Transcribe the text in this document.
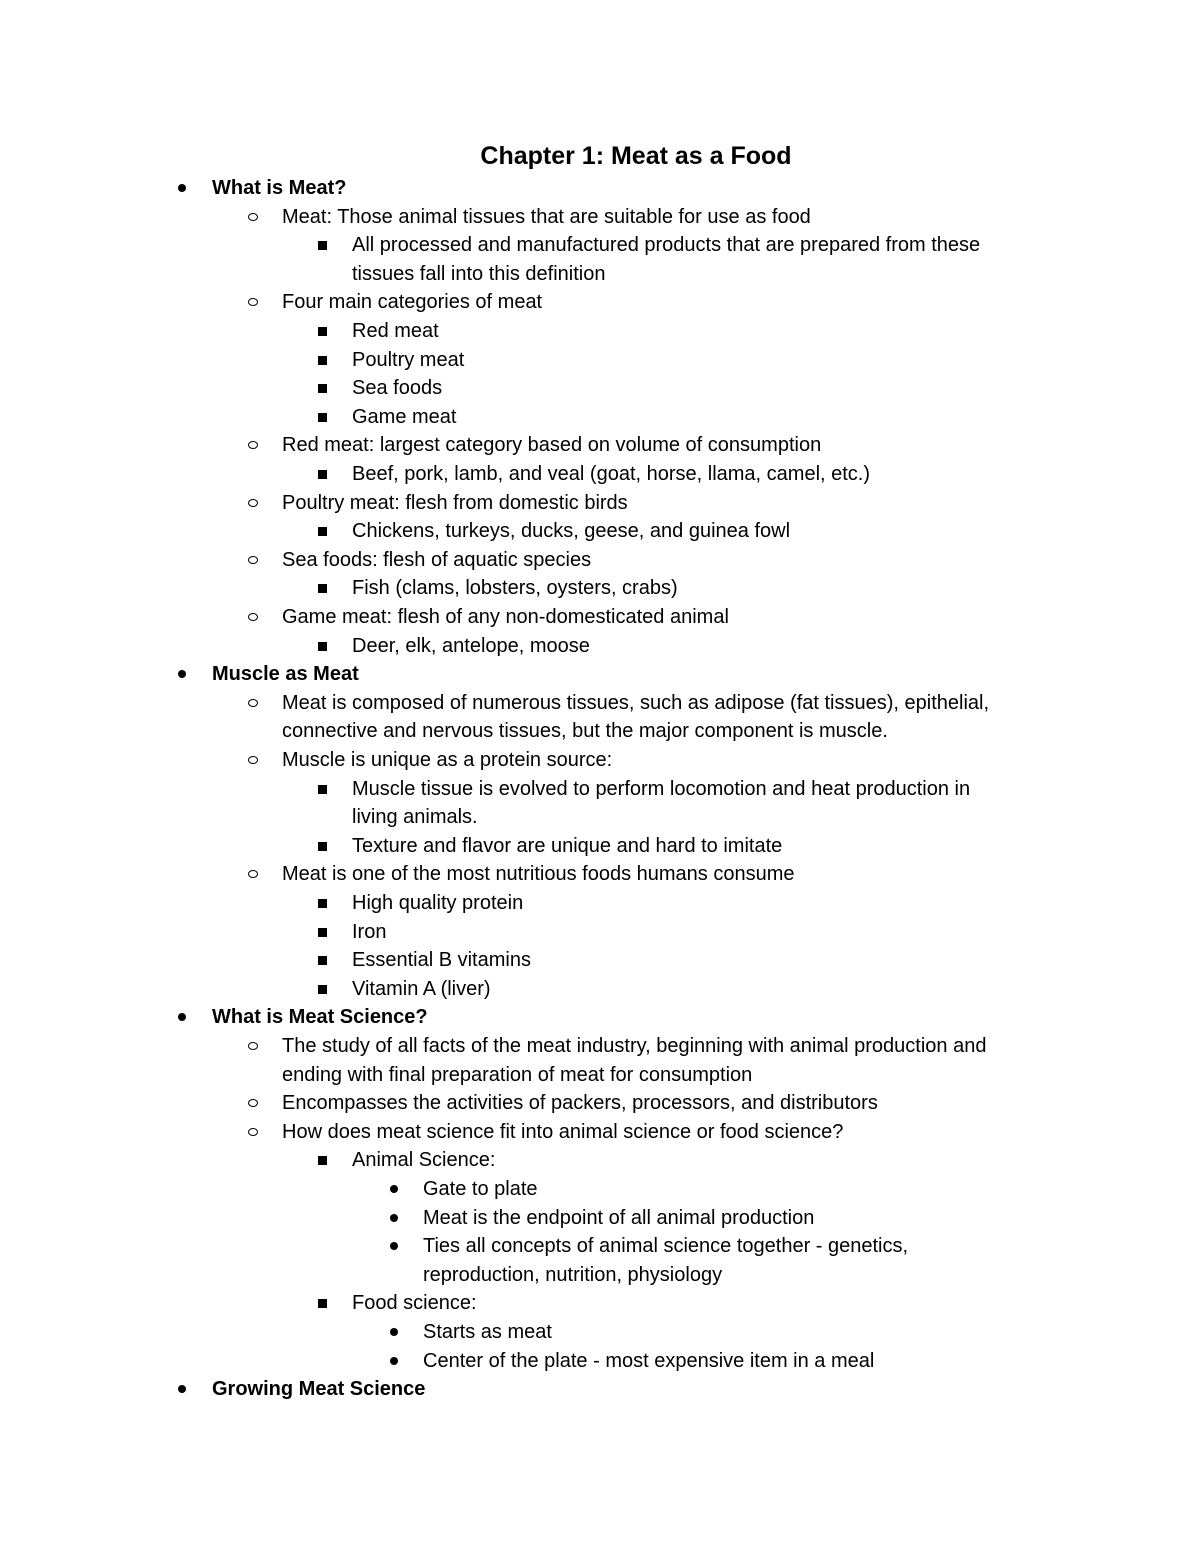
Chapter 1: Meat as a Food
What is Meat?
Meat: Those animal tissues that are suitable for use as food
All processed and manufactured products that are prepared from these
tissues fall into this definition
Four main categories of meat
Red meat
Poultry meat
Sea foods
Game meat
Red meat: largest category based on volume of consumption
Beef, pork, lamb, and veal (goat, horse, llama, camel, etc.)
Poultry meat: flesh from domestic birds
Chickens, turkeys, ducks, geese, and guinea fowl
Sea foods: flesh of aquatic species
Fish (clams, lobsters, oysters, crabs)
Game meat: flesh of any non-domesticated animal
Deer, elk, antelope, moose
Muscle as Meat
Meat is composed of numerous tissues, such as adipose (fat tissues), epithelial,
connective and nervous tissues, but the major component is muscle.
Muscle is unique as a protein source:
Muscle tissue is evolved to perform locomotion and heat production in
living animals.
Texture and flavor are unique and hard to imitate
Meat is one of the most nutritious foods humans consume
High quality protein
Iron
Essential B vitamins
Vitamin A (liver)
What is Meat Science?
The study of all facts of the meat industry, beginning with animal production and
ending with final preparation of meat for consumption
Encompasses the activities of packers, processors, and distributors
How does meat science fit into animal science or food science?
Animal Science:
Gate to plate
Meat is the endpoint of all animal production
Ties all concepts of animal science together - genetics,
reproduction, nutrition, physiology
Food science:
Starts as meat
Center of the plate - most expensive item in a meal
Growing Meat Science
